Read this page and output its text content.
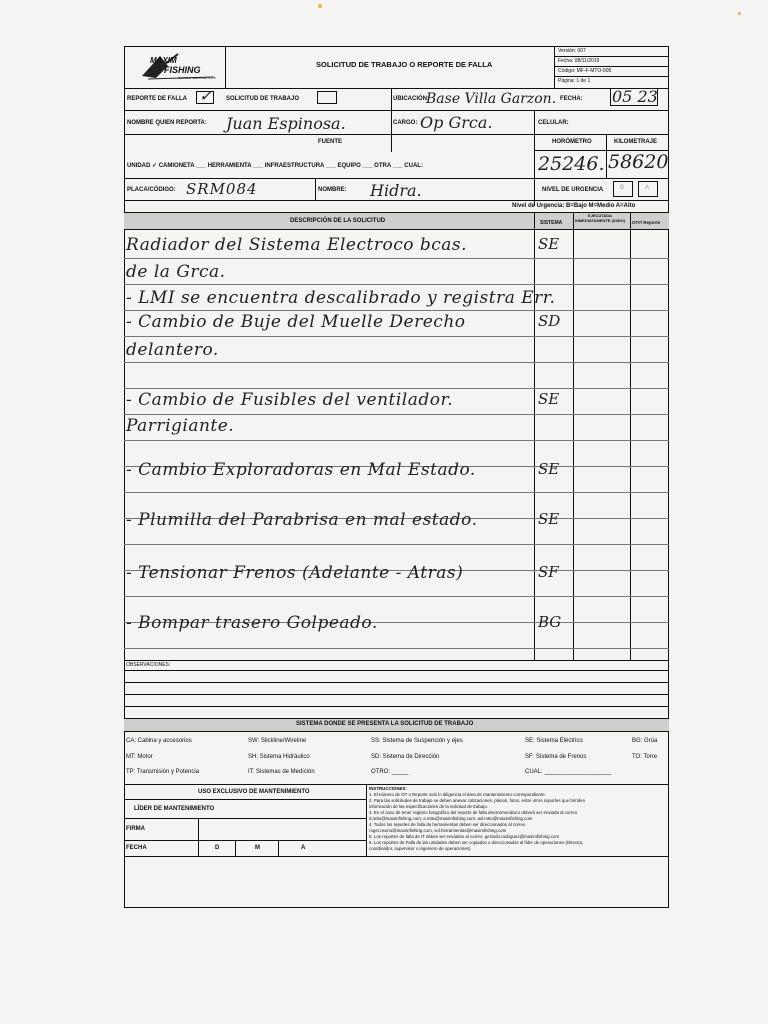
MAXIM
FISHING
OILFIELD SERVICES S.A.S
SOLICITUD DE TRABAJO O REPORTE DE FALLA
Versión: 007
Fecha: 08/11/2019
Código: MF-F-MTO-005
Página: 1 de 1
REPORTE DE FALLA ✓ SOLICITUD DE TRABAJO	UBICACIÓN:
Base Villa Garzon. FECHA: 05 23
NOMBRE QUIEN REPORTA: Juan Espinosa.	CARGO: Op Grca.	CELULAR:
FUENTE	HORÓMETRO	KILOMETRAJE
UNIDAD ✓ CAMIONETA ___ HERRAMIENTA ___ INFRAESTRUCTURA ___ EQUIPO ___ OTRA ___ CUAL:	25246. 58620
PLACA/CÓDIGO: SRM084	NOMBRE: Hidra.	NIVEL DE URGENCIA	B	A
Nivel de Urgencia: B=Bajo M=Medio A=Alto
DESCRIPCIÓN DE LA SOLICITUD	SISTEMA
EJECUTADA INMEDIATAMENTE (SI/NO) OT#/ Reporte
Radiador del Sistema Electroco bcas.	SE
de la Grca.
- LMI se encuentra descalibrado y registra Err.
- Cambio de Buje del Muelle Derecho	SD
delantero.
- Cambio de Fusibles del ventilador.	SE
Parrigiante.
- Cambio Exploradoras en Mal Estado.	SE
- Plumilla del Parabrisa en mal estado.	SE
- Tensionar Frenos (Adelante - Atras)	SF
- Bompar trasero Golpeado.	BG
OBSERVACIONES:
SISTEMA DONDE SE PRESENTA LA SOLICITUD DE TRABAJO
CA: Cabina y accesorios	SW: Slickline/Wireline	SS: Sistema de Suspención y ejes	SE: Sistema Eléctrico	BG: Grúa
MT: Motor	SH: Sistema Hidráulico	SD: Sistema de Dirección	SF: Sistema de Frenos	TO: Torre
TP: Transmisión y Potencia	IT: Sistemas de Medición	OTRO: _____	CUAL: ____________________
USO EXCLUSIVO DE MANTENIMIENTO
LÍDER DE MANTENIMIENTO
FIRMA
FECHA	D	M	A
INSTRUCCIONES:
1. El número de OT o Reporte solo lo diligencia el área de mantenimiento correspondiente.
2. Para las solicitudes de trabajo se deben anexar cotizaciones, planos, fotos, entre otros soportes que brinden
información de las especificaciones de la solicitud de trabajo.
3. En el caso de tener registro fotográfico del reporte de falla electromecánico deberá ser enviada al correo
d.mtto@maximfishing.com; a.mtto@maximfishing.com; axl.mtto@maximfishing.com
4. Todos los reportes de falla de herramientas deben ser direccionados al correo
roger.osorio@maximfishing.com, sol.herramientas@maximfishing.com
5. Los reportes de falla de IT debes ser enviados al correo: gerardo.rodriguez@maximfishing.com
6. Los reportes de Falla de las unidades deben ser copiados o direccionados al líder de operaciones (Director,
coordinador, supervisor o ingeniero de operaciones).
